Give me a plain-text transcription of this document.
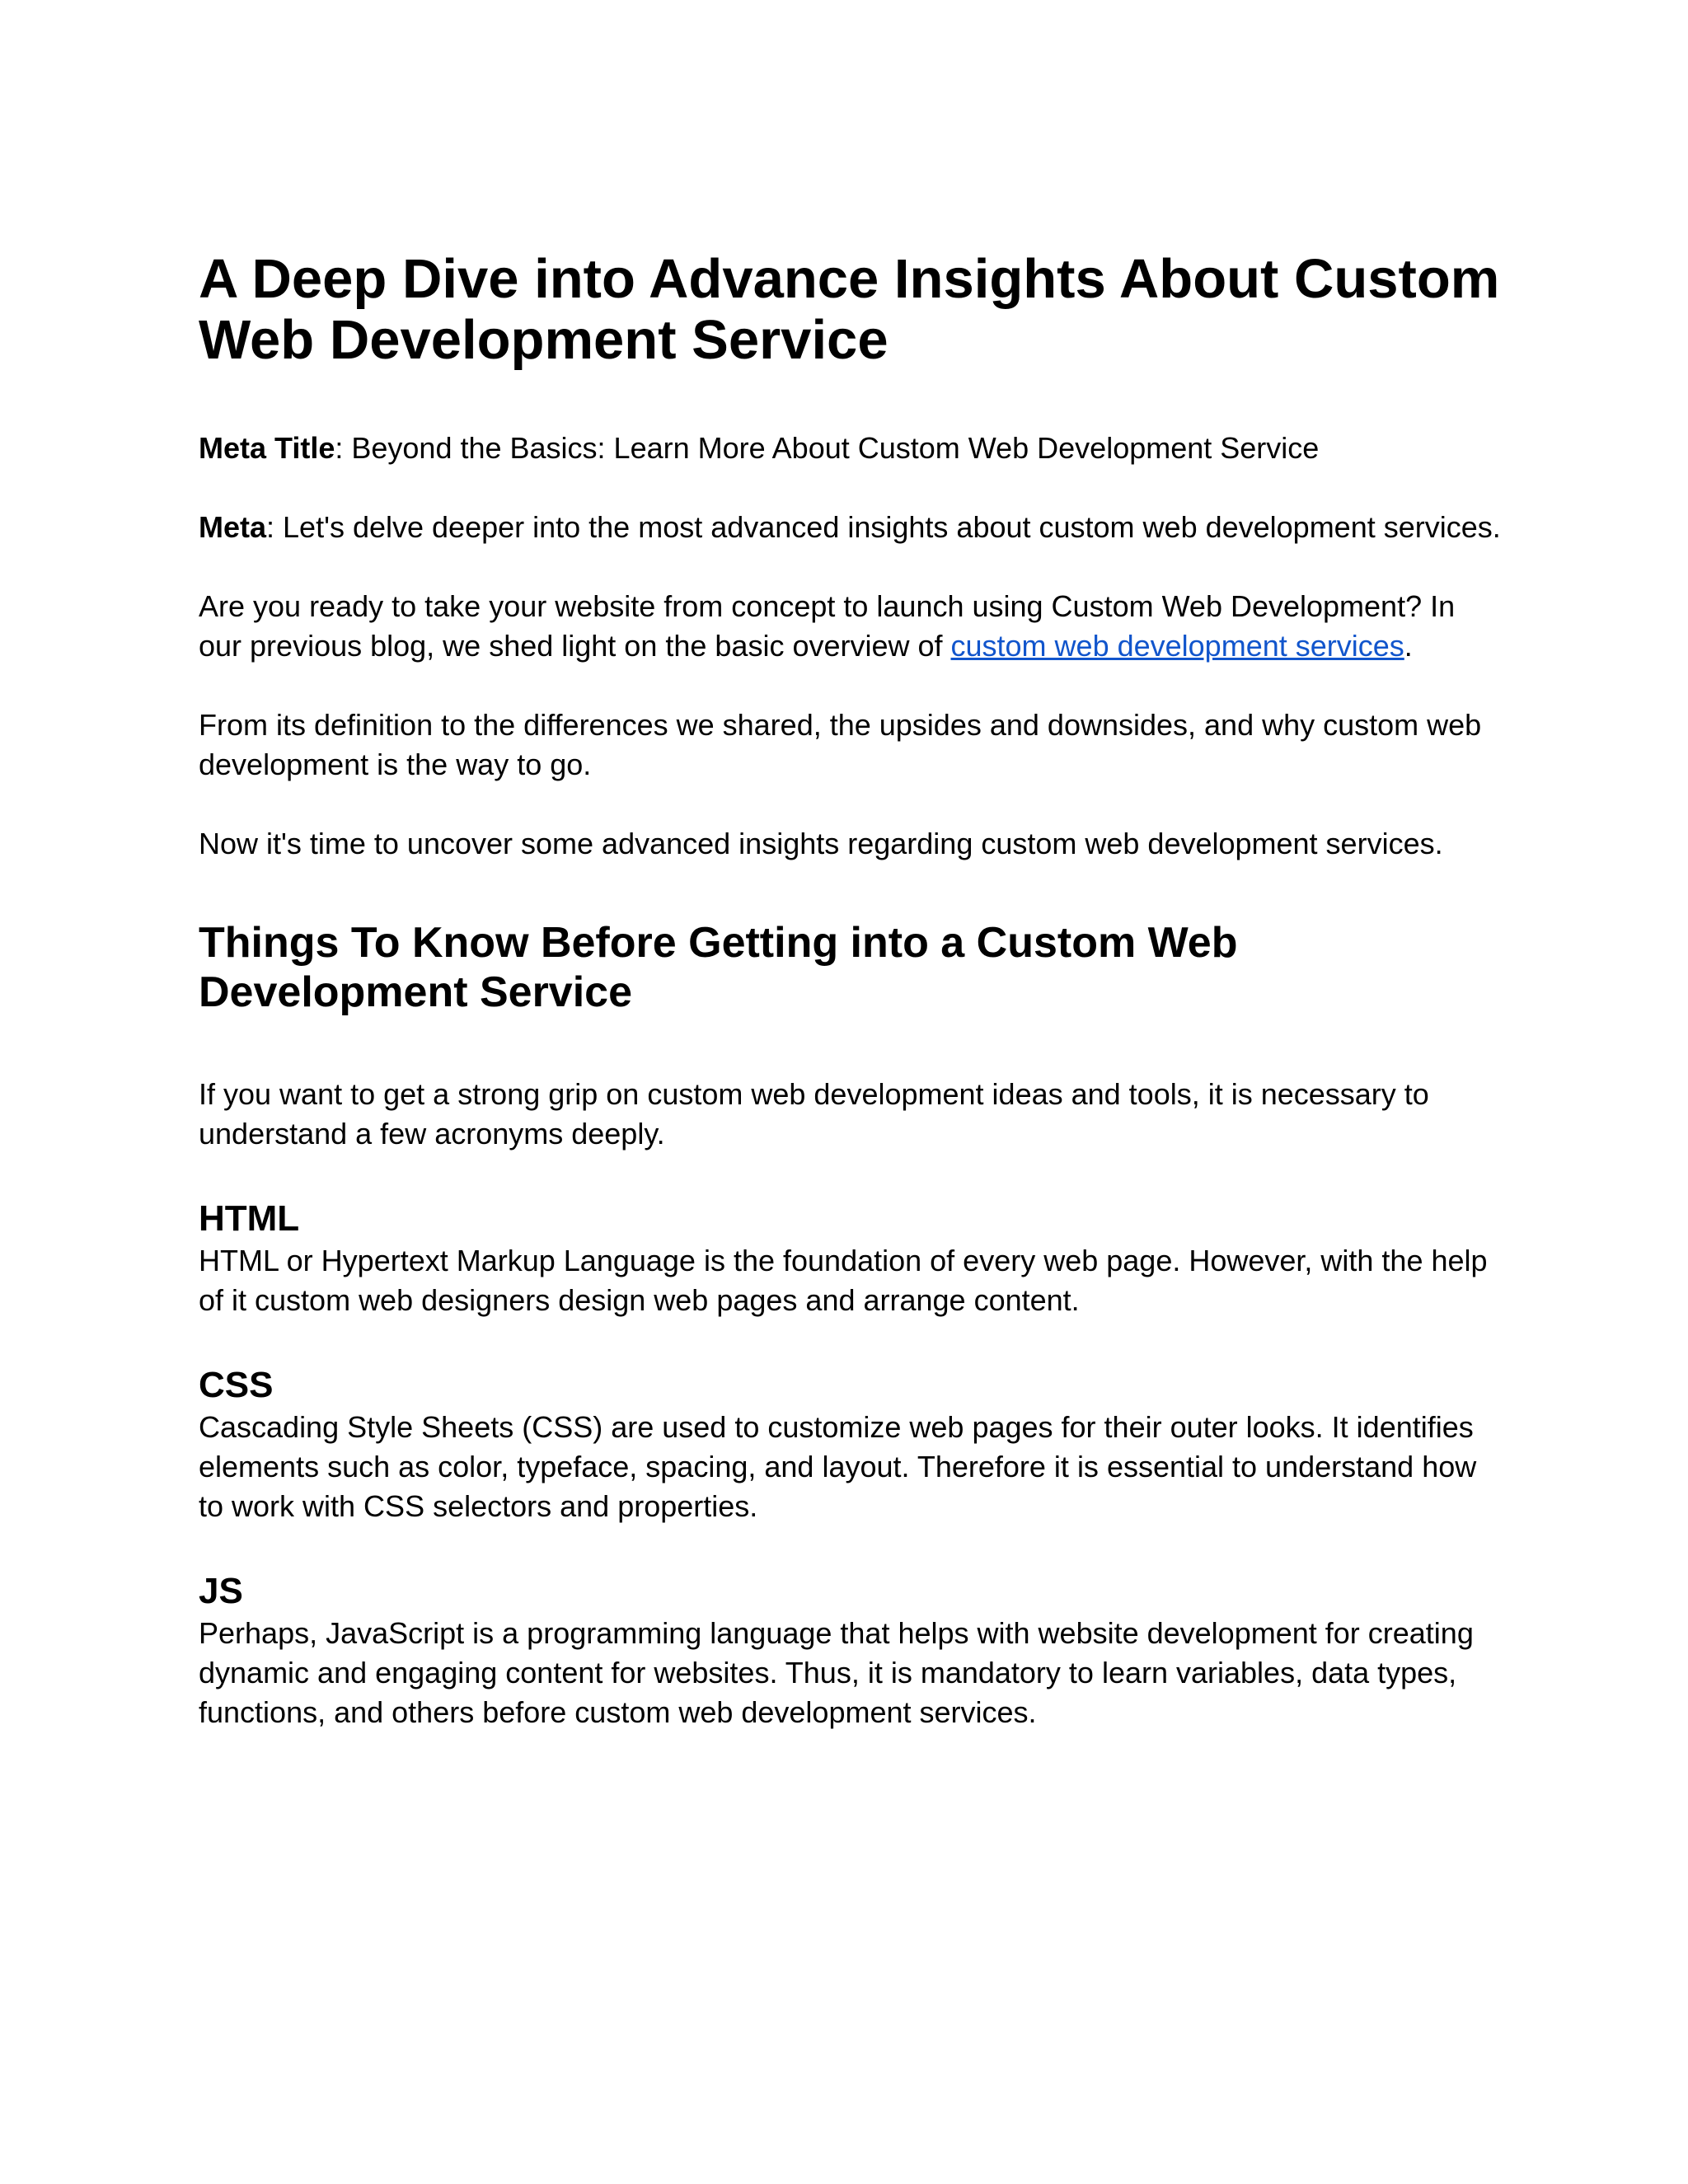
A Deep Dive into Advance Insights About Custom Web Development Service

Meta Title: Beyond the Basics: Learn More About Custom Web Development Service

Meta: Let's delve deeper into the most advanced insights about custom web development services.

Are you ready to take your website from concept to launch using Custom Web Development? In our previous blog, we shed light on the basic overview of custom web development services.

From its definition to the differences we shared, the upsides and downsides, and why custom web development is the way to go.

Now it's time to uncover some advanced insights regarding custom web development services.

Things To Know Before Getting into a Custom Web Development Service

If you want to get a strong grip on custom web development ideas and tools, it is necessary to understand a few acronyms deeply.

HTML

HTML or Hypertext Markup Language is the foundation of every web page. However, with the help of it custom web designers design web pages and arrange content.

CSS

Cascading Style Sheets (CSS) are used to customize web pages for their outer looks. It identifies elements such as color, typeface, spacing, and layout. Therefore it is essential to understand how to work with CSS selectors and properties.

JS

Perhaps, JavaScript is a programming language that helps with website development for creating dynamic and engaging content for websites. Thus, it is mandatory to learn variables, data types, functions, and others before custom web development services.
